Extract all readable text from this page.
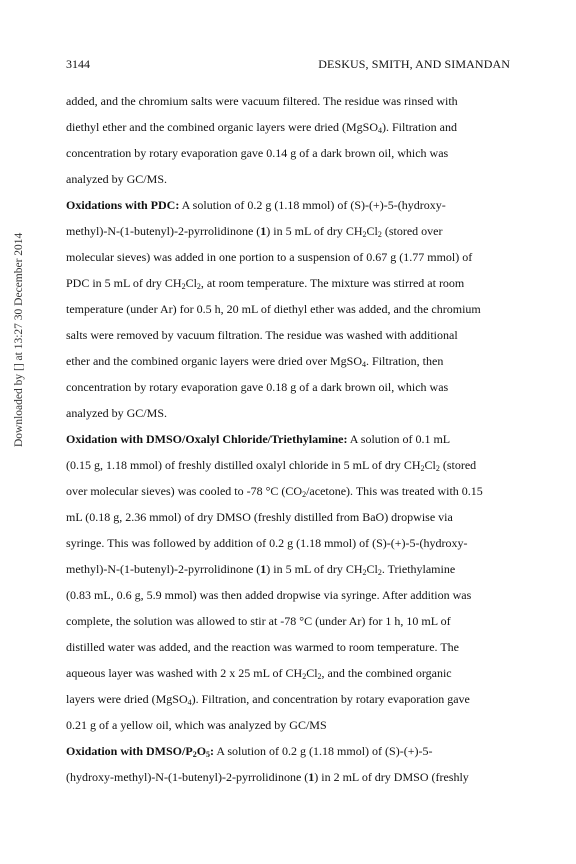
3144	DESKUS, SMITH, AND SIMANDAN
Downloaded by [] at 13:27 30 December 2014
added, and the chromium salts were vacuum filtered. The residue was rinsed with
diethyl ether and the combined organic layers were dried (MgSO$_4$). Filtration and
concentration by rotary evaporation gave 0.14 g of a dark brown oil, which was
analyzed by GC/MS.
Oxidations with PDC: A solution of 0.2 g (1.18 mmol) of (S)-(+)-5-(hydroxy-
methyl)-N-(1-butenyl)-2-pyrrolidinone (1) in 5 mL of dry $CH_2Cl_2$ (stored over
molecular sieves) was added in one portion to a suspension of 0.67 g (1.77 mmol) of
PDC in 5 mL of dry $CH_2Cl_2$, at room temperature. The mixture was stirred at room
temperature (under Ar) for 0.5 h, 20 mL of diethyl ether was added, and the chromium
salts were removed by vacuum filtration. The residue was washed with additional
ether and the combined organic layers were dried over MgSO$_4$. Filtration, then
concentration by rotary evaporation gave 0.18 g of a dark brown oil, which was
analyzed by GC/MS.
Oxidation with DMSO/Oxalyl Chloride/Triethylamine: A solution of 0.1 mL
(0.15 g, 1.18 mmol) of freshly distilled oxalyl chloride in 5 mL of dry $CH_2Cl_2$ (stored
over molecular sieves) was cooled to -78 °C $(CO_2/acetone)$. This was treated with 0.15
mL (0.18 g, 2.36 mmol) of dry DMSO (freshly distilled from BaO) dropwise via
syringe. This was followed by addition of 0.2 g (1.18 mmol) of (S)-(+)-5-(hydroxy-
methyl)-N-(1-butenyl)-2-pyrrolidinone (1) in 5 mL of dry $CH_2Cl_2$. Triethylamine
(0.83 mL, 0.6 g, 5.9 mmol) was then added dropwise via syringe. After addition was
complete, the solution was allowed to stir at -78 °C (under Ar) for 1 h, 10 mL of
distilled water was added, and the reaction was warmed to room temperature. The
aqueous layer was washed with 2 x 25 mL of $CH_2Cl_2$, and the combined organic
layers were dried (MgSO$_4$). Filtration, and concentration by rotary evaporation gave
0.21 g of a yellow oil, which was analyzed by GC/MS
Oxidation with DMSO/$P_2O_5$: A solution of 0.2 g (1.18 mmol) of (S)-(+)-5-
(hydroxy-methyl)-N-(1-butenyl)-2-pyrrolidinone (1) in 2 mL of dry DMSO (freshly
